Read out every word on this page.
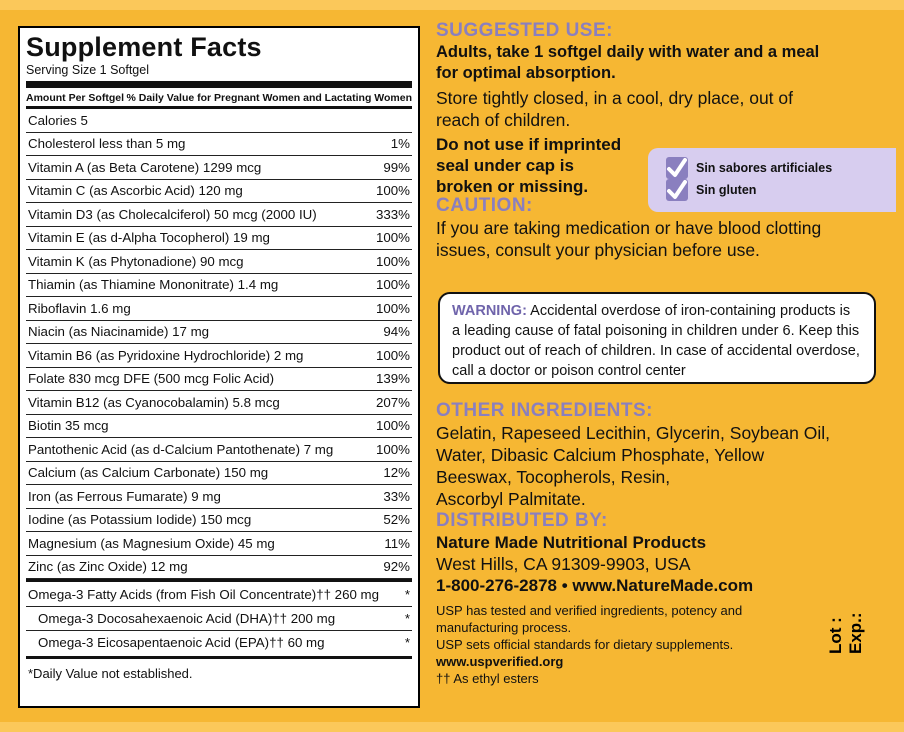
Supplement Facts
Serving Size 1 Softgel
Amount Per Softgel % Daily Value for Pregnant Women and Lactating Women
Calories 5
Cholesterol less than 5 mg	1%
Vitamin A (as Beta Carotene) 1299 mcg	99%
Vitamin C (as Ascorbic Acid) 120 mg	100%
Vitamin D3 (as Cholecalciferol) 50 mcg (2000 IU)	333%
Vitamin E (as d-Alpha Tocopherol) 19 mg	100%
Vitamin K (as Phytonadione) 90 mcg	100%
Thiamin (as Thiamine Mononitrate) 1.4 mg	100%
Riboflavin 1.6 mg	100%
Niacin (as Niacinamide) 17 mg	94%
Vitamin B6 (as Pyridoxine Hydrochloride) 2 mg	100%
Folate 830 mcg DFE (500 mcg Folic Acid)	139%
Vitamin B12 (as Cyanocobalamin) 5.8 mcg	207%
Biotin 35 mcg	100%
Pantothenic Acid (as d-Calcium Pantothenate) 7 mg	100%
Calcium (as Calcium Carbonate) 150 mg	12%
Iron (as Ferrous Fumarate) 9 mg	33%
Iodine (as Potassium Iodide) 150 mcg	52%
Magnesium (as Magnesium Oxide) 45 mg	11%
Zinc (as Zinc Oxide) 12 mg	92%
Omega-3 Fatty Acids (from Fish Oil Concentrate)†† 260 mg *
Omega-3 Docosahexaenoic Acid (DHA)†† 200 mg	*
Omega-3 Eicosapentaenoic Acid (EPA)†† 60 mg	*
*Daily Value not established.
SUGGESTED USE:
Adults, take 1 softgel daily with water and a meal
for optimal absorption.
Store tightly closed, in a cool, dry place, out of
reach of children.
Do not use if imprinted
seal under cap is
broken or missing.
CAUTION:
If you are taking medication or have blood clotting
issues, consult your physician before use.
Sin sabores artificiales
Sin gluten
WARNING: Accidental overdose of iron-containing products is a leading cause of fatal poisoning in children under 6. Keep this product out of reach of children. In case of accidental overdose, call a doctor or poison control center
OTHER INGREDIENTS:
Gelatin, Rapeseed Lecithin, Glycerin, Soybean Oil,
Water, Dibasic Calcium Phosphate, Yellow
Beeswax, Tocopherols, Resin,
Ascorbyl Palmitate.
DISTRIBUTED BY:
Nature Made Nutritional Products
West Hills, CA 91309-9903, USA
1-800-276-2878 • www.NatureMade.com
USP has tested and verified ingredients, potency and
manufacturing process.
USP sets official standards for dietary supplements.
www.uspverified.org
†† As ethyl esters
Lot : Exp.:
